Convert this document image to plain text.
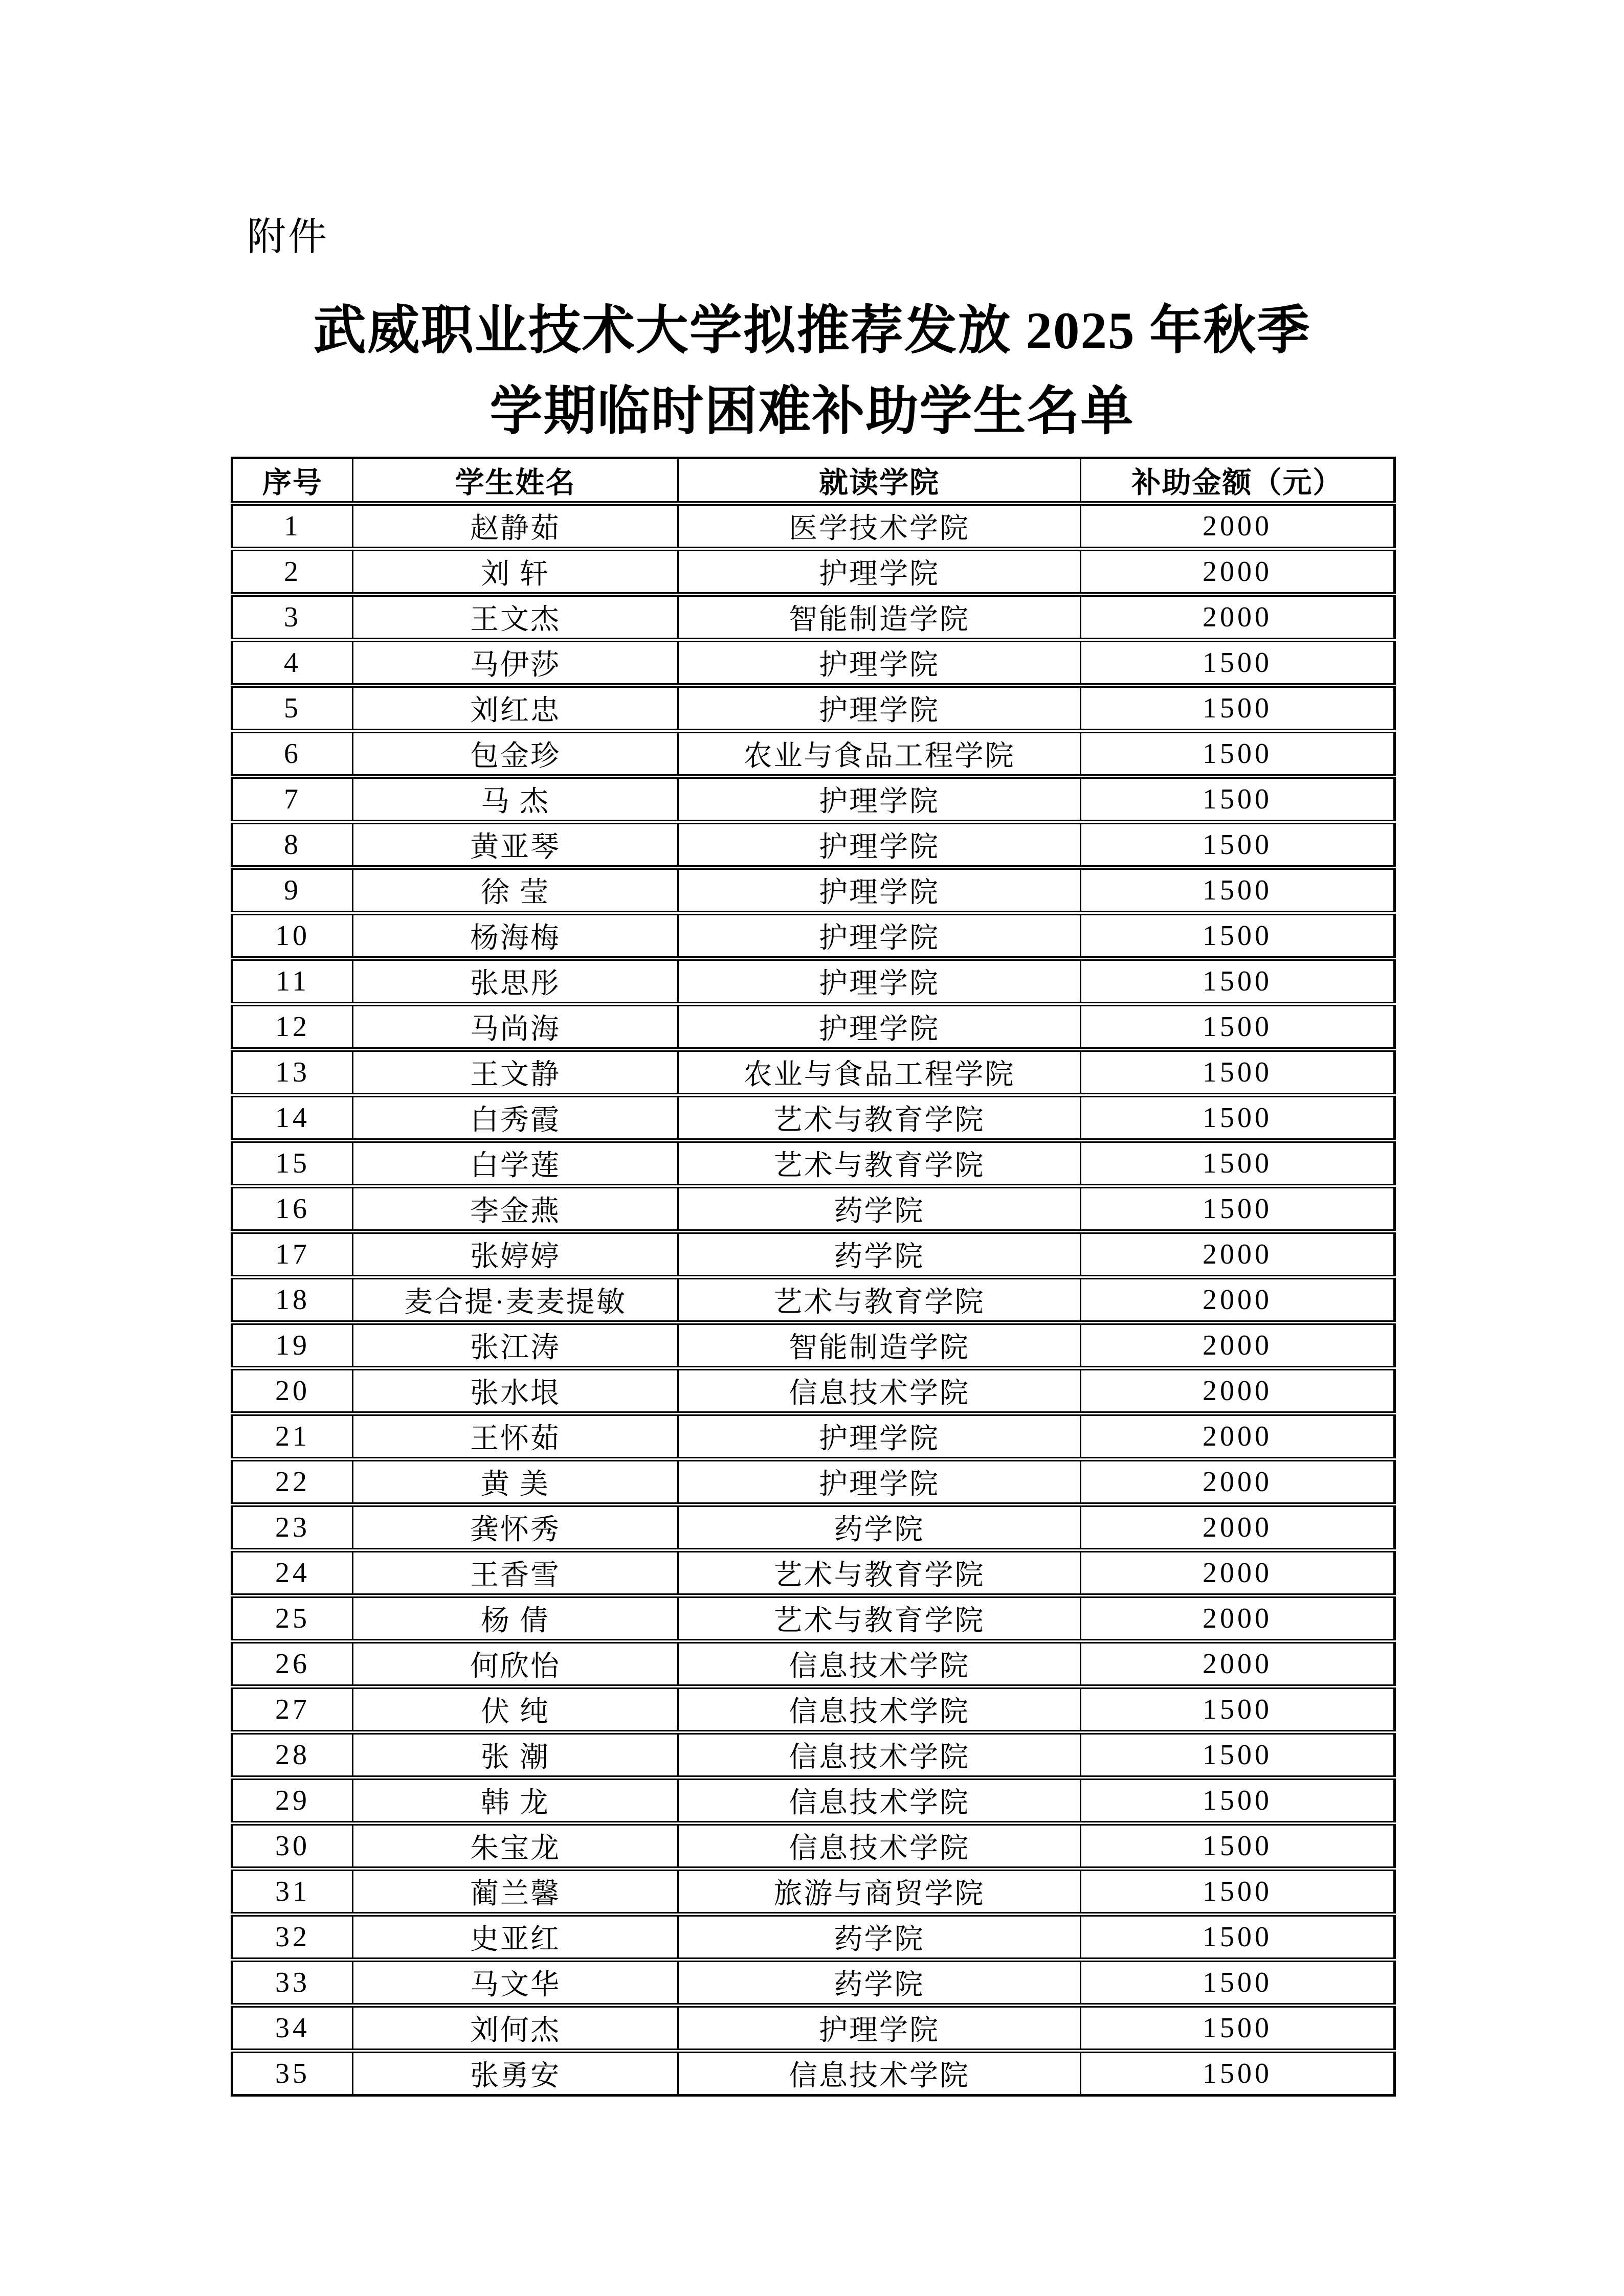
附件
武威职业技术大学拟推荐发放 2025 年秋季
学期临时困难补助学生名单
序号	学生姓名	就读学院	补助金额（元）
1	赵静茹	医学技术学院	2000
2	刘 轩	护理学院	2000
3	王文杰	智能制造学院	2000
4	马伊莎	护理学院	1500
5	刘红忠	护理学院	1500
6	包金珍	农业与食品工程学院	1500
7	马 杰	护理学院	1500
8	黄亚琴	护理学院	1500
9	徐 莹	护理学院	1500
10	杨海梅	护理学院	1500
11	张思彤	护理学院	1500
12	马尚海	护理学院	1500
13	王文静	农业与食品工程学院	1500
14	白秀霞	艺术与教育学院	1500
15	白学莲	艺术与教育学院	1500
16	李金燕	药学院	1500
17	张婷婷	药学院	2000
18	麦合提·麦麦提敏	艺术与教育学院	2000
19	张江涛	智能制造学院	2000
20	张水垠	信息技术学院	2000
21	王怀茹	护理学院	2000
22	黄 美	护理学院	2000
23	龚怀秀	药学院	2000
24	王香雪	艺术与教育学院	2000
25	杨 倩	艺术与教育学院	2000
26	何欣怡	信息技术学院	2000
27	伏 纯	信息技术学院	1500
28	张 潮	信息技术学院	1500
29	韩 龙	信息技术学院	1500
30	朱宝龙	信息技术学院	1500
31	蔺兰馨	旅游与商贸学院	1500
32	史亚红	药学院	1500
33	马文华	药学院	1500
34	刘何杰	护理学院	1500
35	张勇安	信息技术学院	1500
